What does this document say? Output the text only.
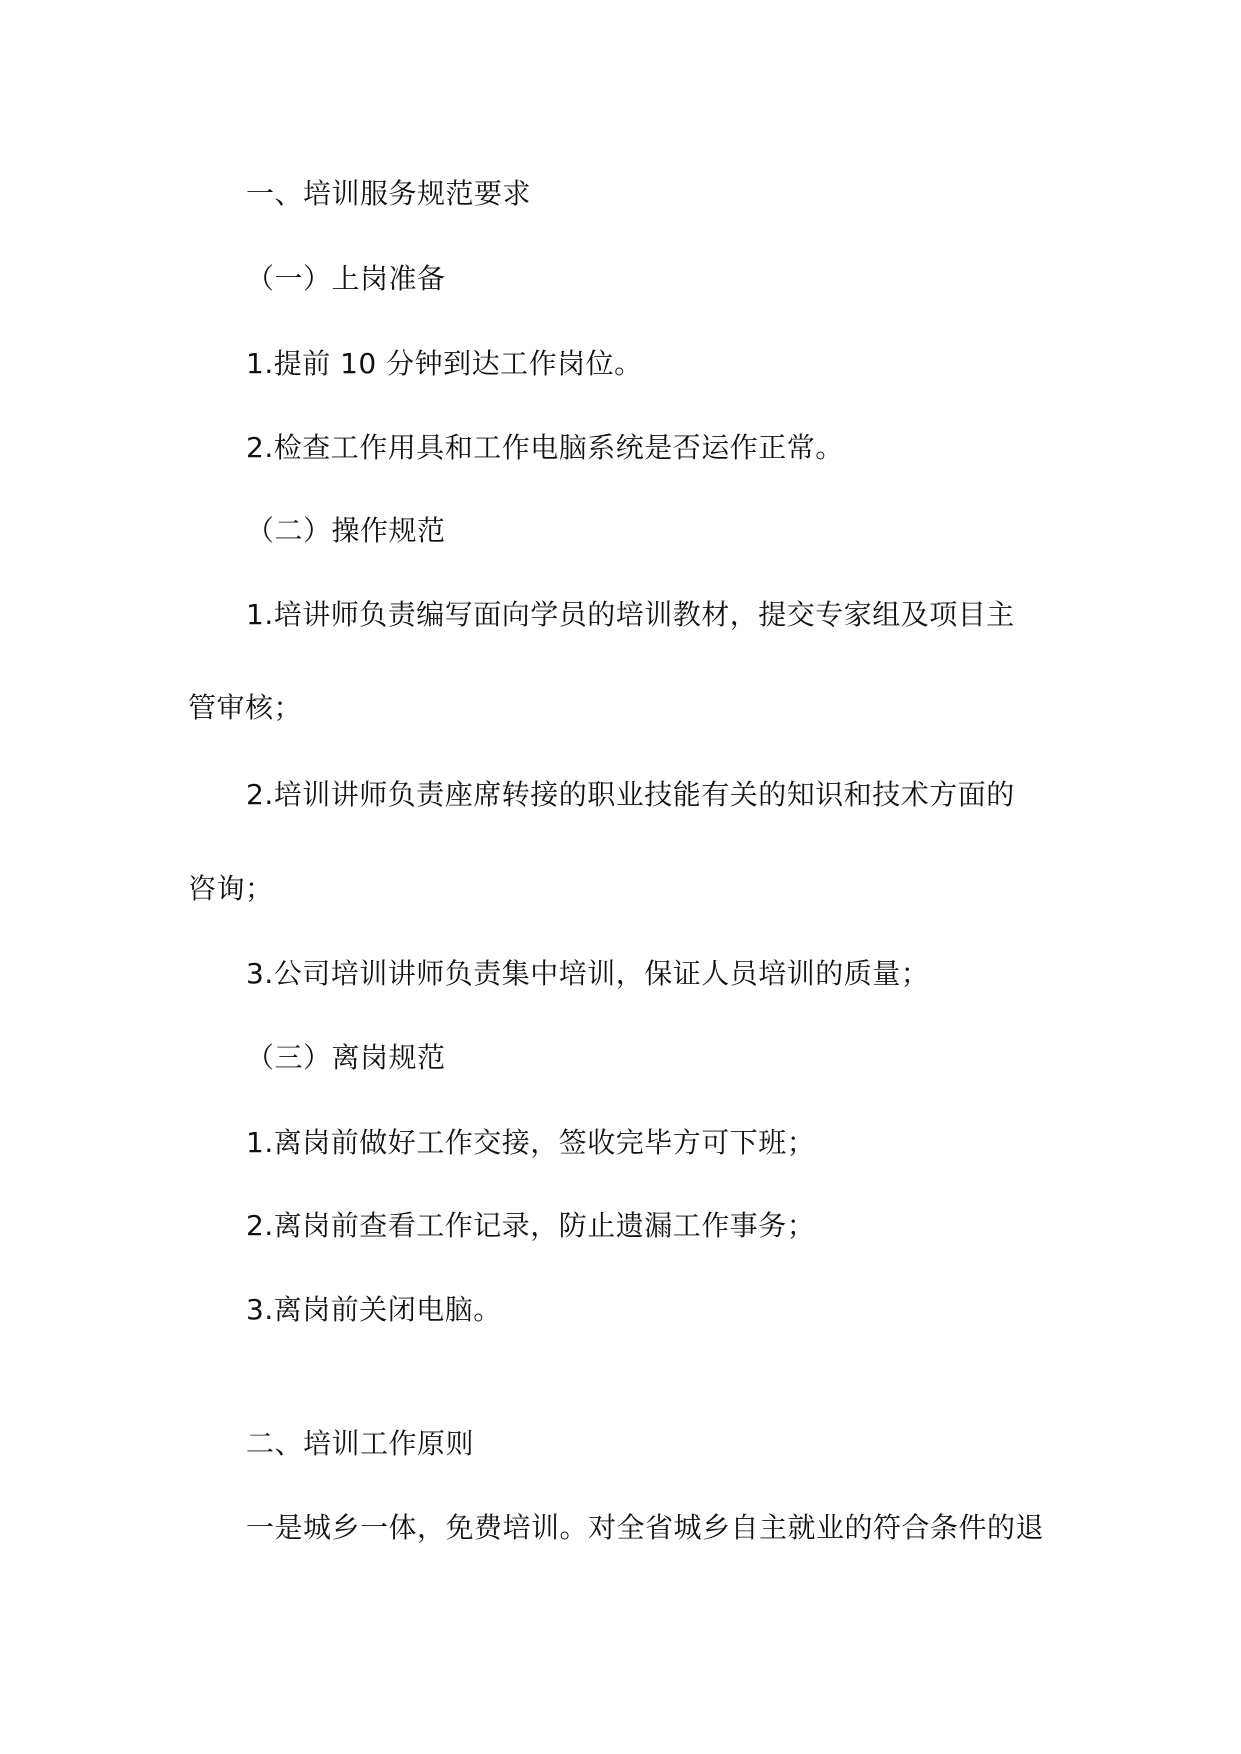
一、培训服务规范要求
（一）上岗准备
1.提前 10 分钟到达工作岗位。
2.检查工作用具和工作电脑系统是否运作正常。
（二）操作规范
1.培讲师负责编写面向学员的培训教材，提交专家组及项目主
管审核；
2.培训讲师负责座席转接的职业技能有关的知识和技术方面的
咨询；
3.公司培训讲师负责集中培训，保证人员培训的质量；
（三）离岗规范
1.离岗前做好工作交接，签收完毕方可下班；
2.离岗前查看工作记录，防止遗漏工作事务；
3.离岗前关闭电脑。
二、培训工作原则
一是城乡一体，免费培训。对全省城乡自主就业的符合条件的退
